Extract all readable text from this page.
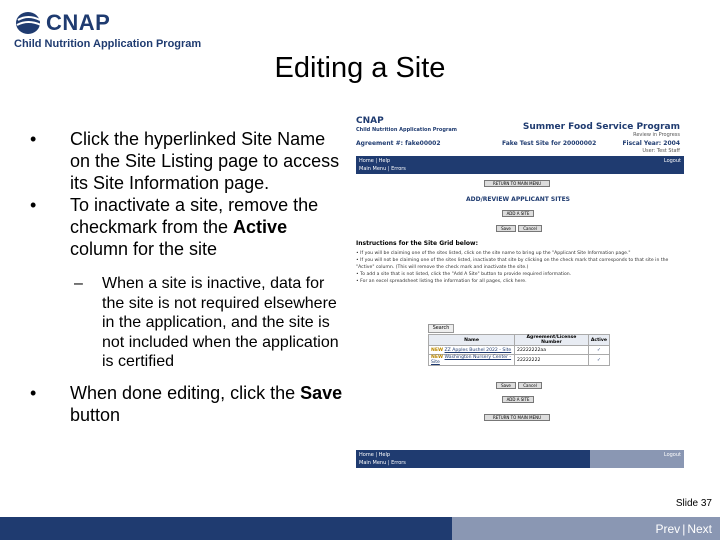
CNAP
Child Nutrition Application Program
Editing a Site
•	Click the hyperlinked Site Name on the Site Listing page to access its Site Information page.
•	To inactivate a site, remove the checkmark from the Active column for the site
– When a site is inactive, data for the site is not required elsewhere in the application, and the site is not included when the application is certified
•	When done editing, click the Save button
CNAP
Child Nutrition Application Program
Agreement #: fake00002
Summer Food Service Program
Review in Progress
Fake Test Site for 20000002	Fiscal Year: 2004
User: Test Staff
Home | Help
Main Menu | Errors
Logout
RETURN TO MAIN MENU
ADD/REVIEW APPLICANT SITES
ADD A SITE
Save	Cancel
Instructions for the Site Grid below:
• If you will be claiming one of the sites listed, click on the site name to bring up the "Applicant Site Information page."
• If you will not be claiming one of the sites listed, inactivate that site by clicking on the check mark that corresponds to that site in the "Active" column. (This will remove the check mark and inactivate the site.)
• To add a site that is not listed, click the "Add A Site" button to provide required information.
• For an excel spreadsheet listing the information for all pages, click here.
Search
Name	Agreement/License Number	Active
NEW ZZ Apples Bushel 2022 - Site	22222222aa	✓
NEW Washington Nursery Center - Site	22222222	✓
Save	Cancel
ADD A SITE
RETURN TO MAIN MENU
Home | Help
Main Menu | Errors
Logout
Slide 37
Prev | Next
